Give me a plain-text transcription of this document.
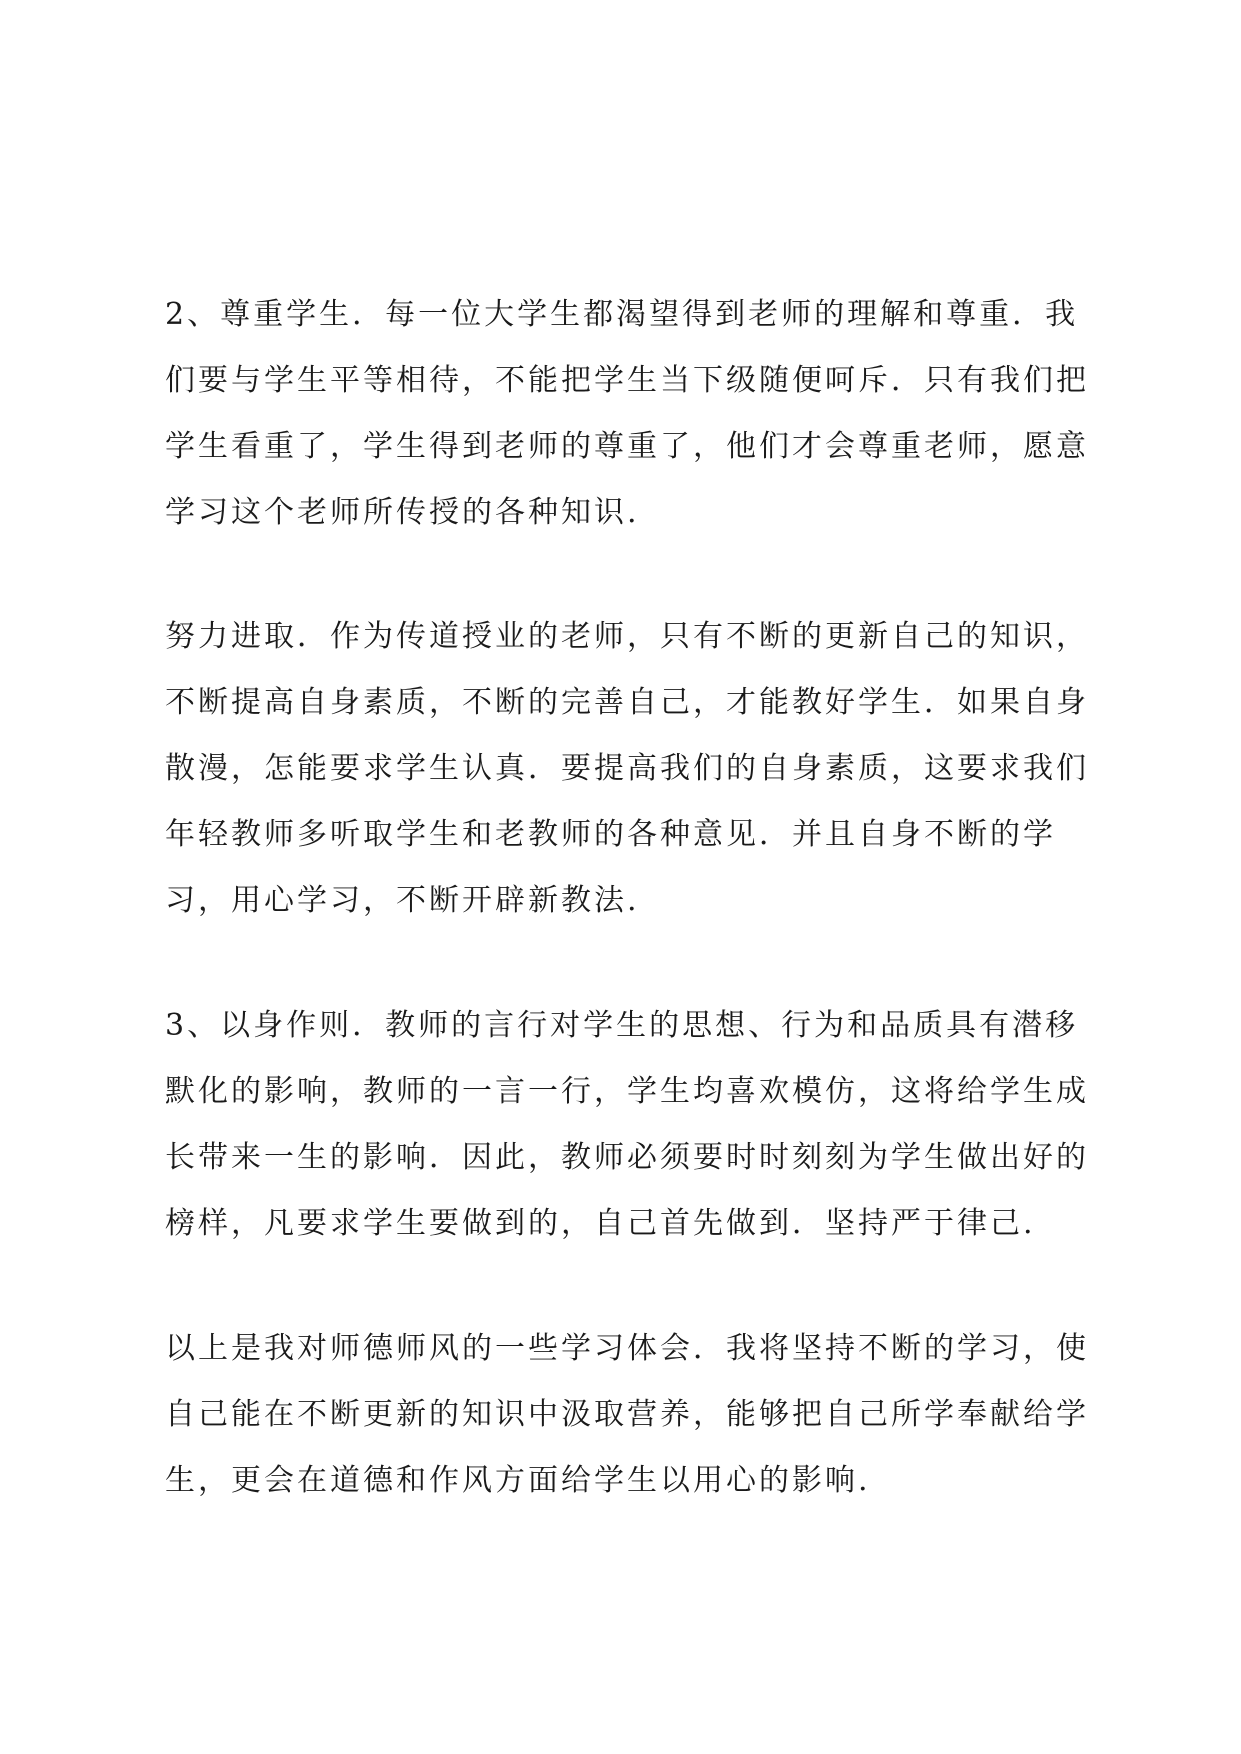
2、尊重学生．每一位大学生都渴望得到老师的理解和尊重．我
们要与学生平等相待，不能把学生当下级随便呵斥．只有我们把
学生看重了，学生得到老师的尊重了，他们才会尊重老师，愿意
学习这个老师所传授的各种知识.
努力进取．作为传道授业的老师，只有不断的更新自己的知识，
不断提高自身素质，不断的完善自己，才能教好学生．如果自身
散漫，怎能要求学生认真．要提高我们的自身素质，这要求我们
年轻教师多听取学生和老教师的各种意见．并且自身不断的学
习，用心学习，不断开辟新教法.
3、以身作则．教师的言行对学生的思想、行为和品质具有潜移
默化的影响，教师的一言一行，学生均喜欢模仿，这将给学生成
长带来一生的影响．因此，教师必须要时时刻刻为学生做出好的
榜样，凡要求学生要做到的，自己首先做到．坚持严于律己.
以上是我对师德师风的一些学习体会．我将坚持不断的学习，使
自己能在不断更新的知识中汲取营养，能够把自己所学奉献给学
生，更会在道德和作风方面给学生以用心的影响.
